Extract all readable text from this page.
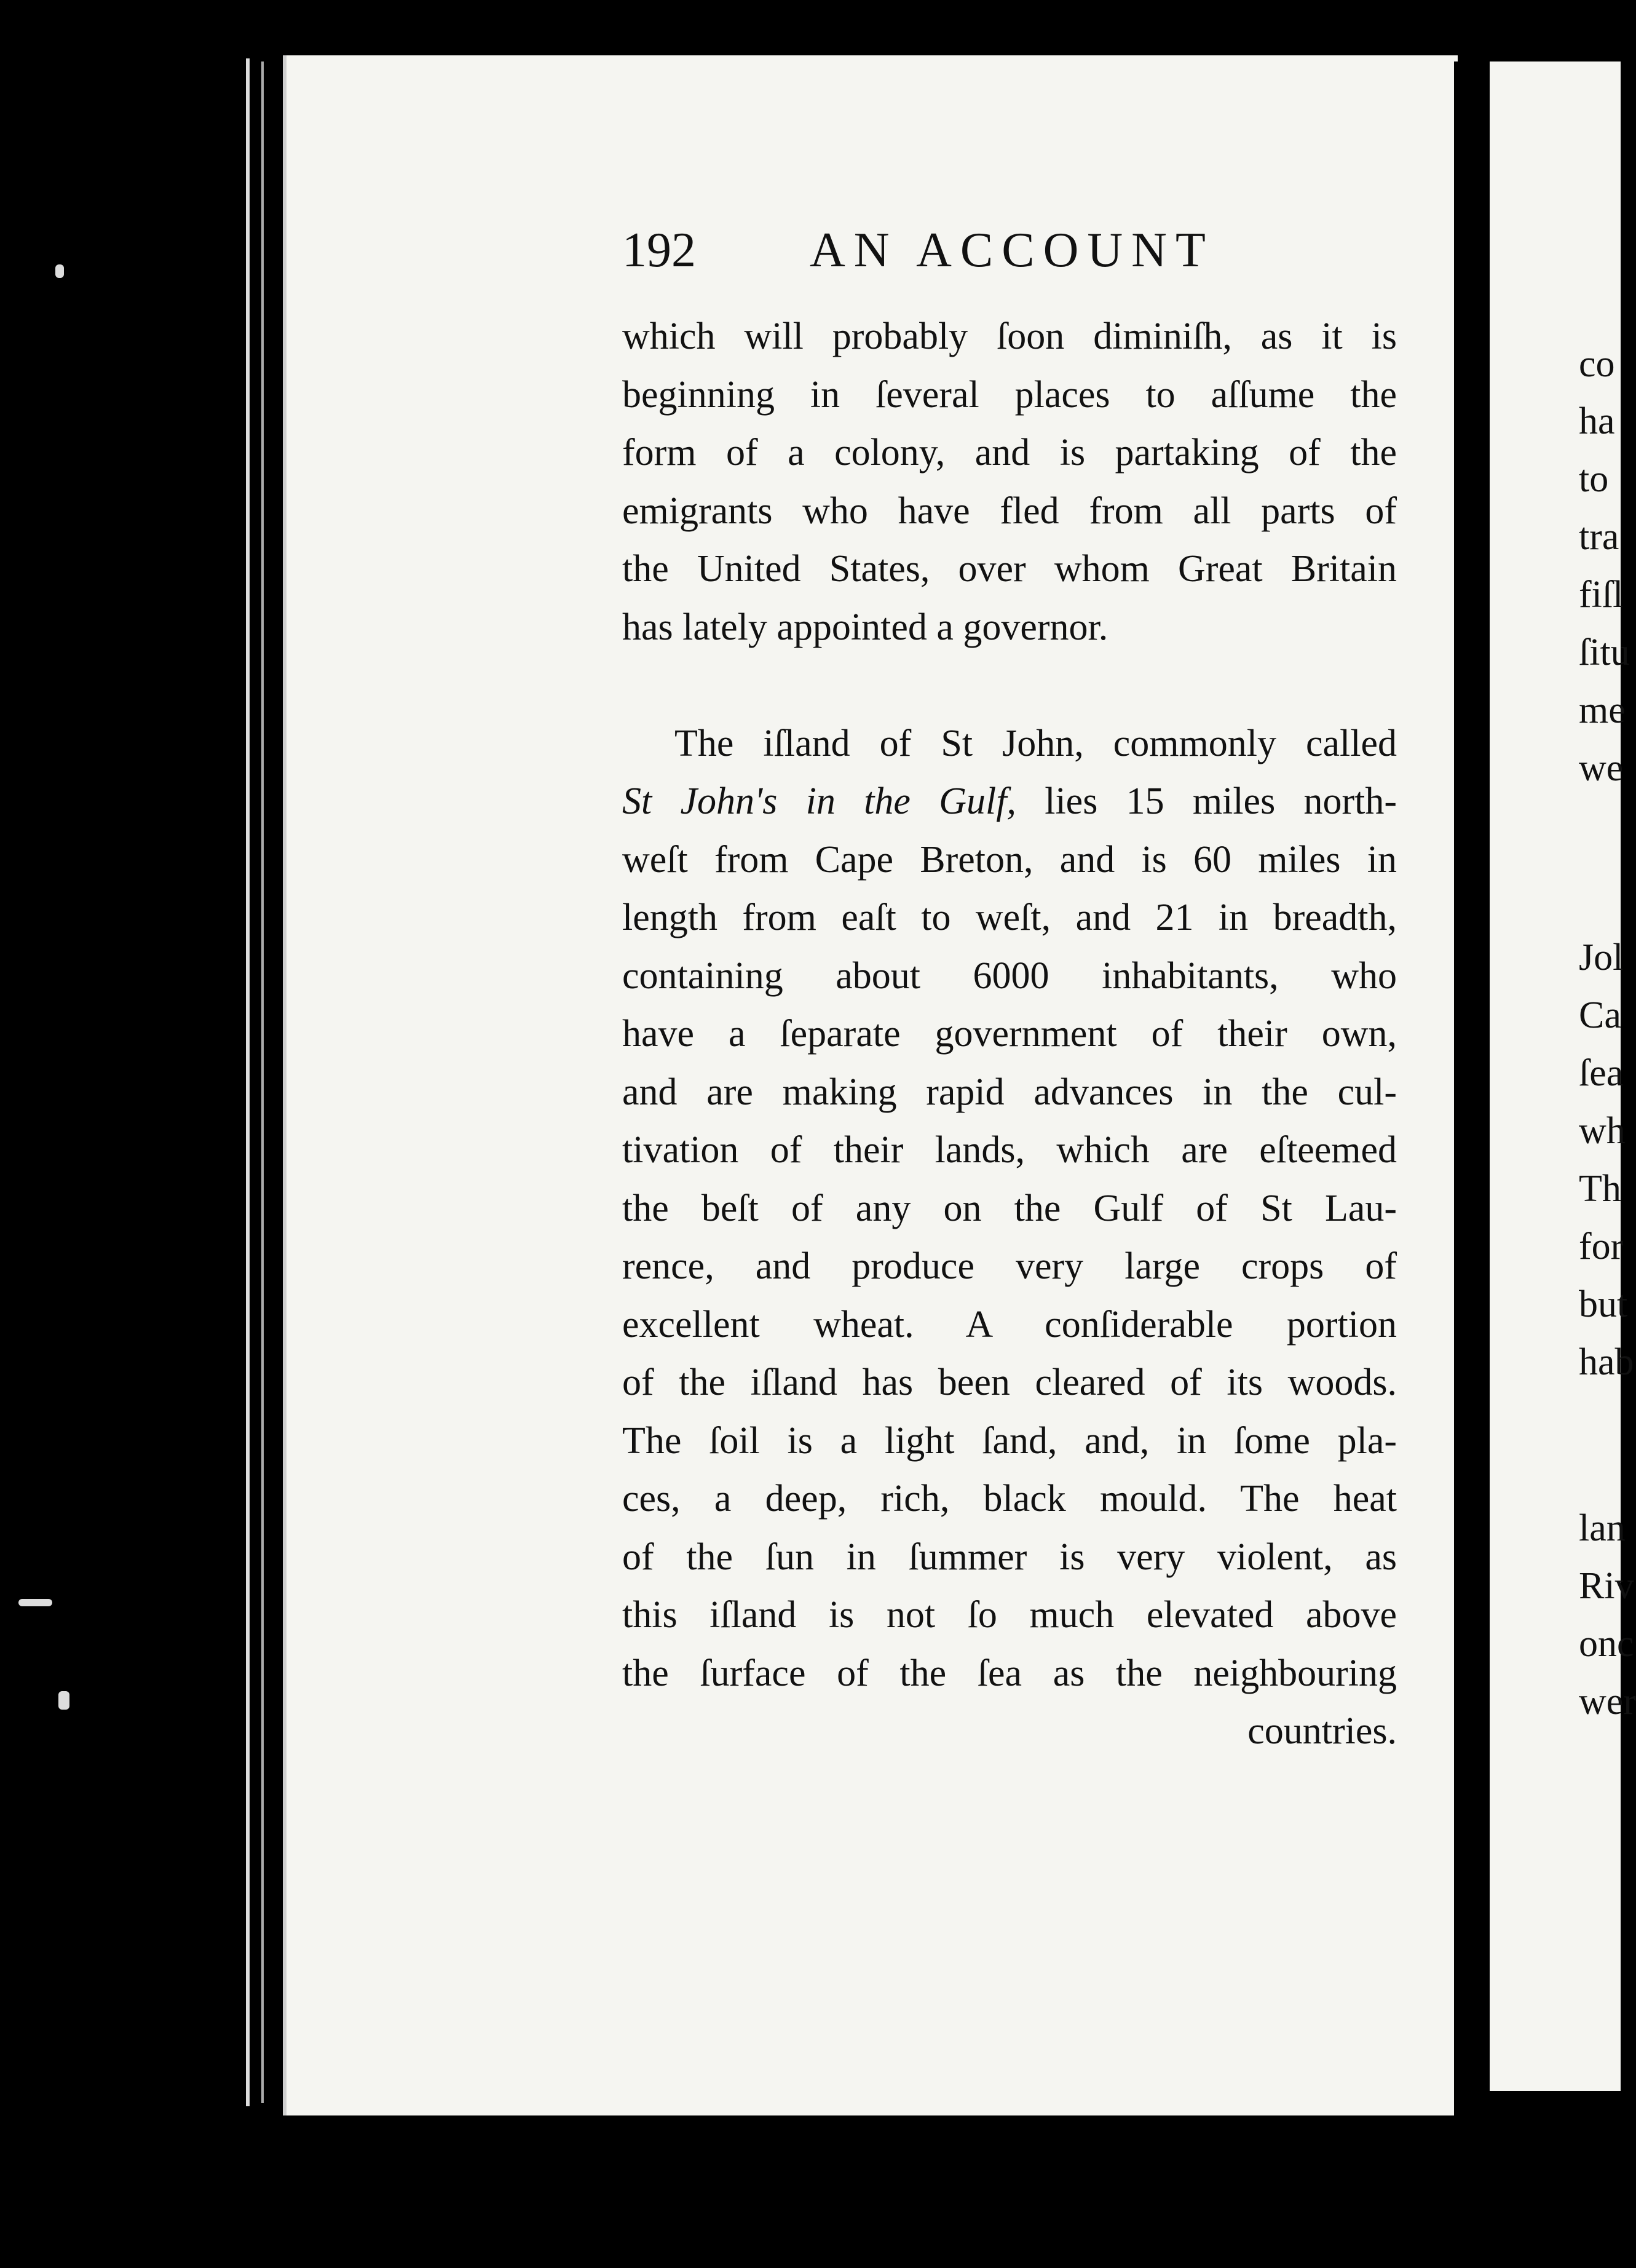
192 AN ACCOUNT
which will probably ſoon diminiſh, as it is
beginning in ſeveral places to aſſume the
form of a colony, and is partaking of the
emigrants who have fled from all parts of
the United States, over whom Great Britain
has lately appointed a governor.
The iſland of St John, commonly called
St John's in the Gulf, lies 15 miles north-
weſt from Cape Breton, and is 60 miles in
length from eaſt to weſt, and 21 in breadth,
containing about 6000 inhabitants, who
have a ſeparate government of their own,
and are making rapid advances in the cul-
tivation of their lands, which are eſteemed
the beſt of any on the Gulf of St Lau-
rence, and produce very large crops of
excellent wheat. A conſiderable portion
of the iſland has been cleared of its woods.
The ſoil is a light ſand, and, in ſome pla-
ces, a deep, rich, black mould. The heat
of the ſun in ſummer is very violent, as
this iſland is not ſo much elevated above
the ſurface of the ſea as the neighbouring
countries.
co
ha
to
tra
fiſl
ſitu
me
we
Jol
Ca
ſea
wh
Th
for
but
hab
lan
Riv
onc
wer
